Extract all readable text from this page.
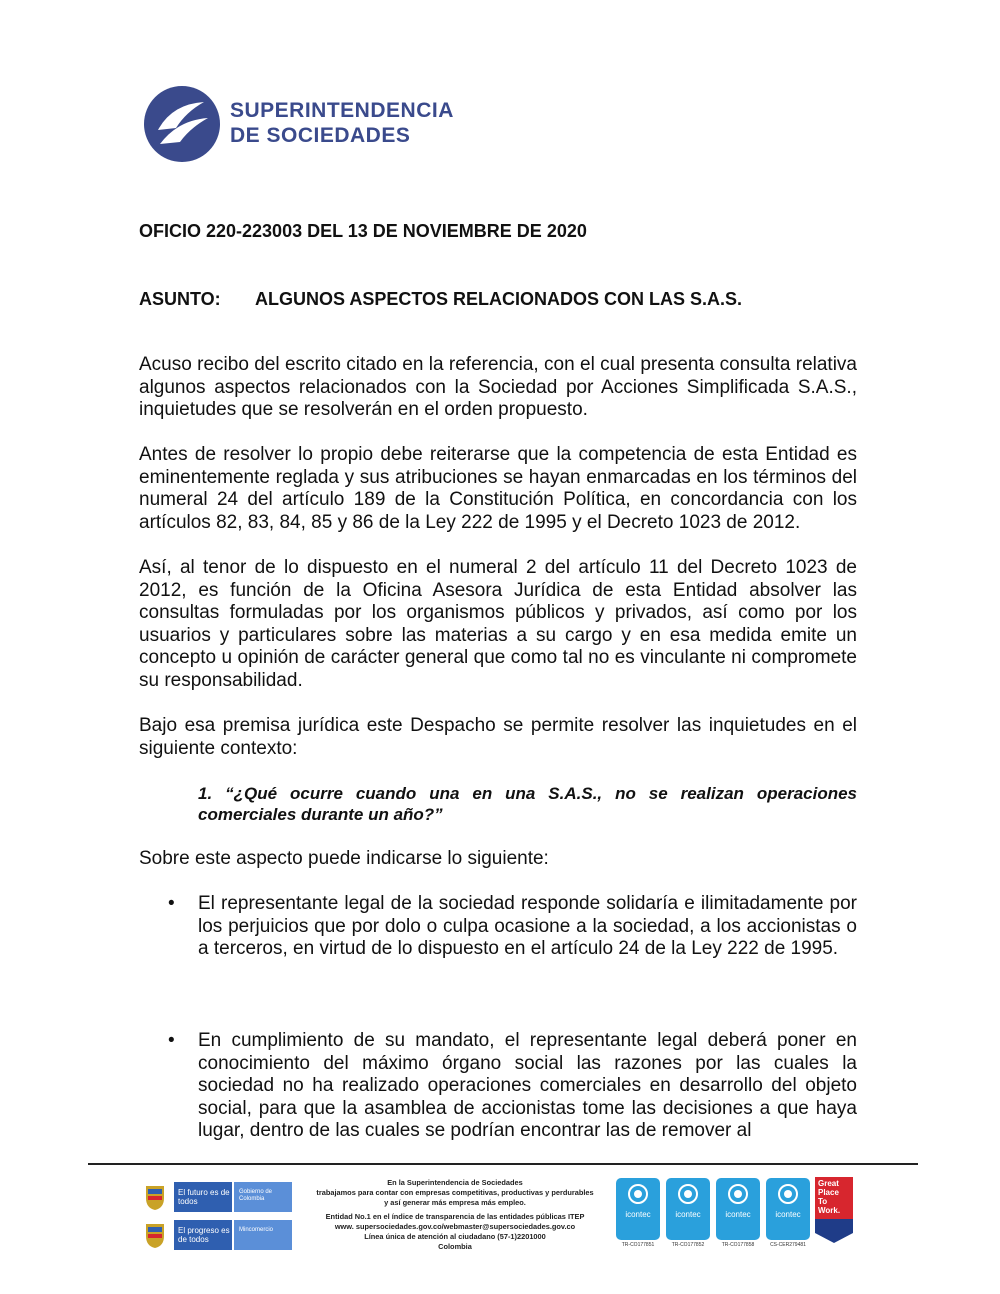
SUPERINTENDENCIA
DE SOCIEDADES
OFICIO 220-223003 DEL 13 DE NOVIEMBRE DE 2020
ASUNTO: ALGUNOS ASPECTOS RELACIONADOS CON LAS S.A.S.
Acuso recibo del escrito citado en la referencia, con el cual presenta consulta relativa algunos aspectos relacionados con la Sociedad por Acciones Simplificada S.A.S., inquietudes que se resolverán en el orden propuesto.
Antes de resolver lo propio debe reiterarse que la competencia de esta Entidad es eminentemente reglada y sus atribuciones se hayan enmarcadas en los términos del numeral 24 del artículo 189 de la Constitución Política, en concordancia con los artículos 82, 83, 84, 85 y 86 de la Ley 222 de 1995 y el Decreto 1023 de 2012.
Así, al tenor de lo dispuesto en el numeral 2 del artículo 11 del Decreto 1023 de 2012, es función de la Oficina Asesora Jurídica de esta Entidad absolver las consultas formuladas por los organismos públicos y privados, así como por los usuarios y particulares sobre las materias a su cargo y en esa medida emite un concepto u opinión de carácter general que como tal no es vinculante ni compromete su responsabilidad.
Bajo esa premisa jurídica este Despacho se permite resolver las inquietudes en el siguiente contexto:
1. “¿Qué ocurre cuando una en una S.A.S., no se realizan operaciones comerciales durante un año?”
Sobre este aspecto puede indicarse lo siguiente:
• El representante legal de la sociedad responde solidaría e ilimitadamente por los perjuicios que por dolo o culpa ocasione a la sociedad, a los accionistas o a terceros, en virtud de lo dispuesto en el artículo 24 de la Ley 222 de 1995.
• En cumplimiento de su mandato, el representante legal deberá poner en conocimiento del máximo órgano social las razones por las cuales la sociedad no ha realizado operaciones comerciales en desarrollo del objeto social, para que la asamblea de accionistas tome las decisiones a que haya lugar, dentro de las cuales se podrían encontrar las de remover al
El futuro es de todos
Gobierno de Colombia
El progreso es de todos
Mincomercio
En la Superintendencia de Sociedades
trabajamos para contar con empresas competitivas, productivas y perdurables
y así generar más empresa más empleo.
Entidad No.1 en el índice de transparencia de las entidades públicas ITEP
www. supersociedades.gov.co/webmaster@supersociedades.gov.co
Línea única de atención al ciudadano (57-1)2201000
Colombia
icontec
TR-CO177851
icontec
TR-CO177852
icontec
TR-CO177858
icontec
CS-CER279481
Great
Place
To
Work.
